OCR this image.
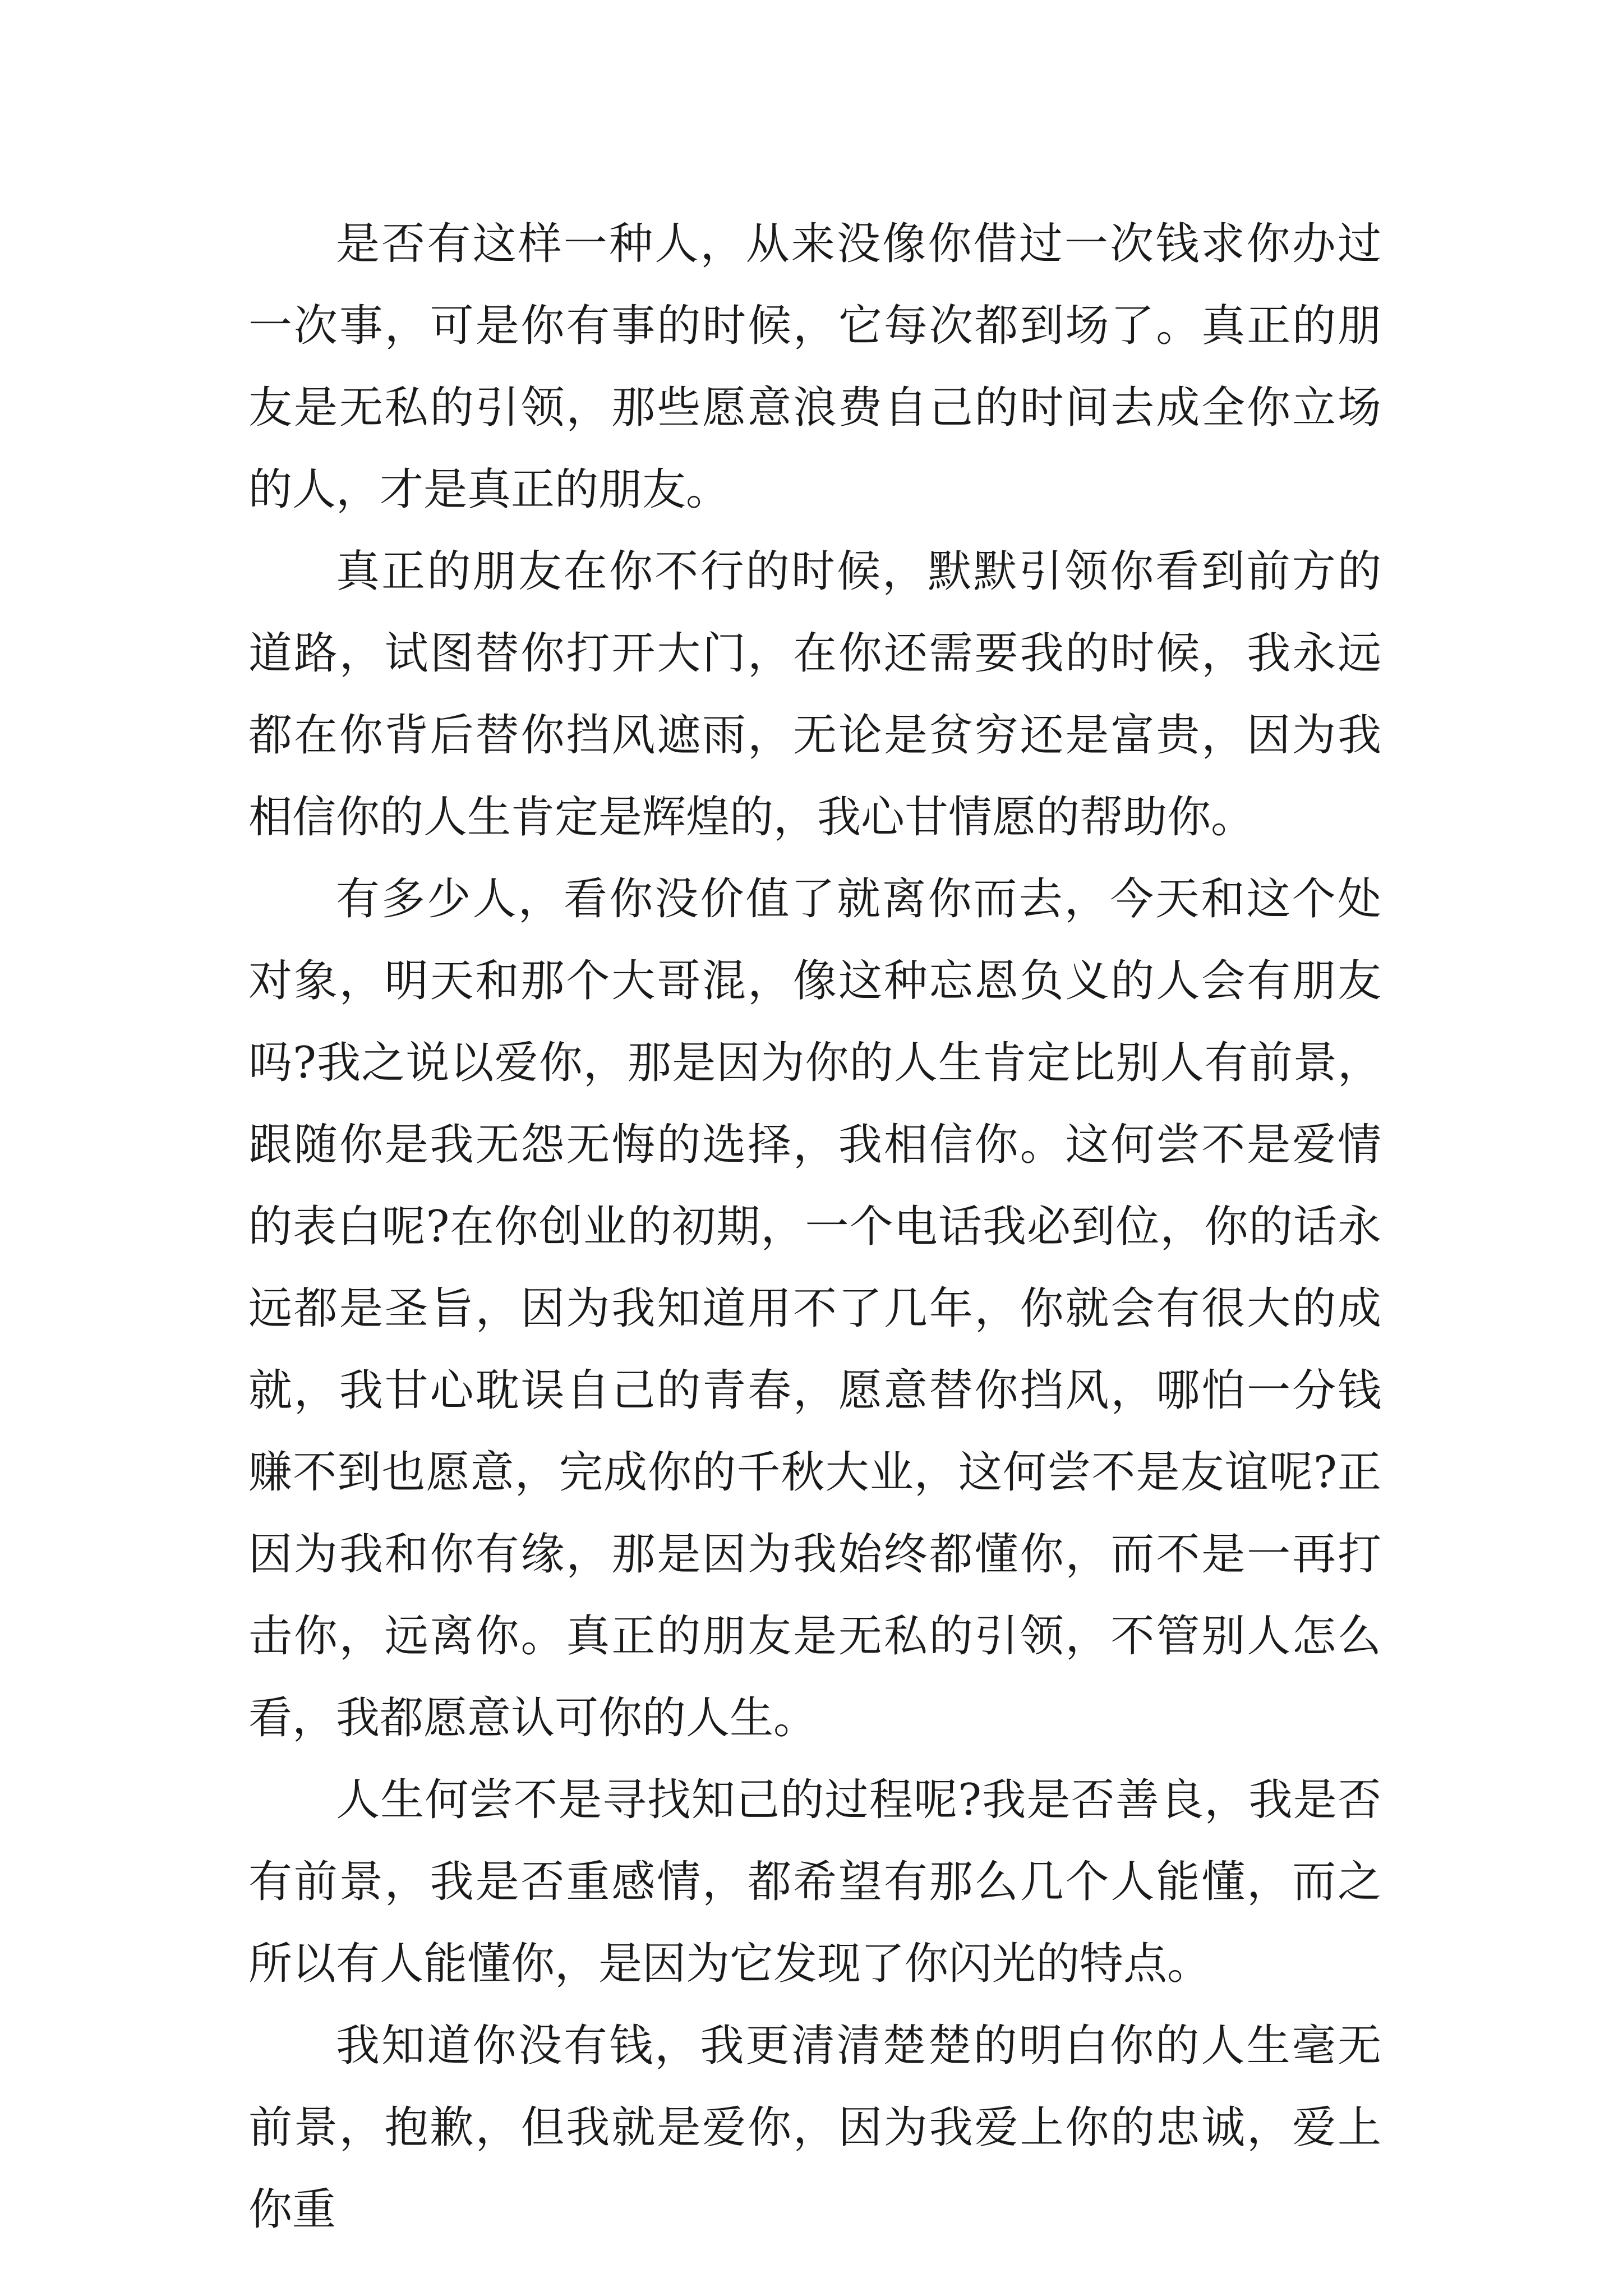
是否有这样一种人，从来没像你借过一次钱求你办过一次事，可是你有事的时候，它每次都到场了。真正的朋友是无私的引领，那些愿意浪费自己的时间去成全你立场的人，才是真正的朋友。

真正的朋友在你不行的时候，默默引领你看到前方的道路，试图替你打开大门，在你还需要我的时候，我永远都在你背后替你挡风遮雨，无论是贫穷还是富贵，因为我相信你的人生肯定是辉煌的，我心甘情愿的帮助你。

有多少人，看你没价值了就离你而去，今天和这个处对象，明天和那个大哥混，像这种忘恩负义的人会有朋友吗?我之说以爱你，那是因为你的人生肯定比别人有前景，跟随你是我无怨无悔的选择，我相信你。这何尝不是爱情的表白呢?在你创业的初期，一个电话我必到位，你的话永远都是圣旨，因为我知道用不了几年，你就会有很大的成就，我甘心耽误自己的青春，愿意替你挡风，哪怕一分钱赚不到也愿意，完成你的千秋大业，这何尝不是友谊呢?正因为我和你有缘，那是因为我始终都懂你，而不是一再打击你，远离你。真正的朋友是无私的引领，不管别人怎么看，我都愿意认可你的人生。

人生何尝不是寻找知己的过程呢?我是否善良，我是否有前景，我是否重感情，都希望有那么几个人能懂，而之所以有人能懂你，是因为它发现了你闪光的特点。

我知道你没有钱，我更清清楚楚的明白你的人生毫无前景，抱歉，但我就是爱你，因为我爱上你的忠诚，爱上你重
